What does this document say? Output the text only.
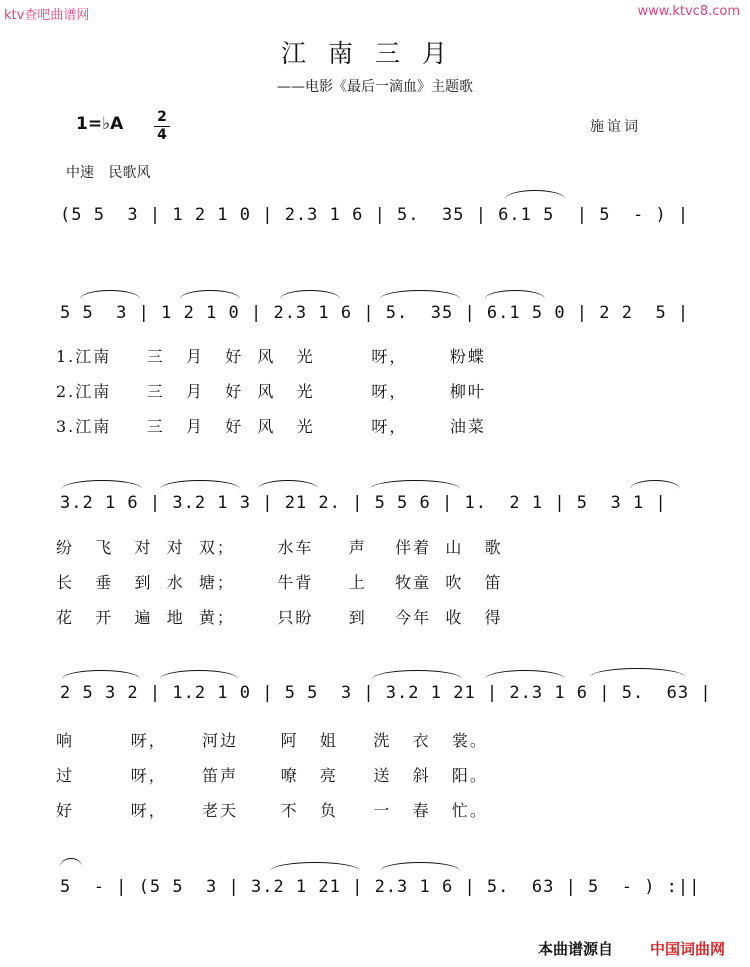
ktv查吧曲谱网	www.ktvc8.com
江南三月
——电影《最后一滴血》主题歌
1=♭A 2
4	施谊词
中速 民歌风
(5 5  3 | 1 2 1 0 | 2.3 1 6 | 5.  35 | 6.1 5  | 5  - ) |
5 5  3 | 1 2 1 0 | 2.3 1 6 | 5.  35 | 6.1 5 0 | 2 2  5 |
1.江南     三   月   好  风   光        呀，      粉蝶
2.江南     三   月   好  风   光        呀，      柳叶
3.江南     三   月   好  风   光        呀，      油菜
3.2 1 6 | 3.2 1 3 | 21 2. | 5 5 6 | 1.  2 1 | 5  3 1 |
纷   飞   对  对  双；      水车     声    伴着  山   歌
长   垂   到  水  塘；      牛背     上    牧童  吹   笛
花   开   遍  地  黄；      只盼     到    今年  收   得
2 5 3 2 | 1.2 1 0 | 5 5  3 | 3.2 1 21 | 2.3 1 6 | 5.  63 |
响        呀，     河边      阿   姐     洗   衣   裳。
过        呀，     笛声      嘹   亮     送   斜   阳。
好        呀，     老天      不   负     一   春   忙。
5  - | (5 5  3 | 3.2 1 21 | 2.3 1 6 | 5.  63 | 5  - ) :||
本曲谱源自 中国词曲网
